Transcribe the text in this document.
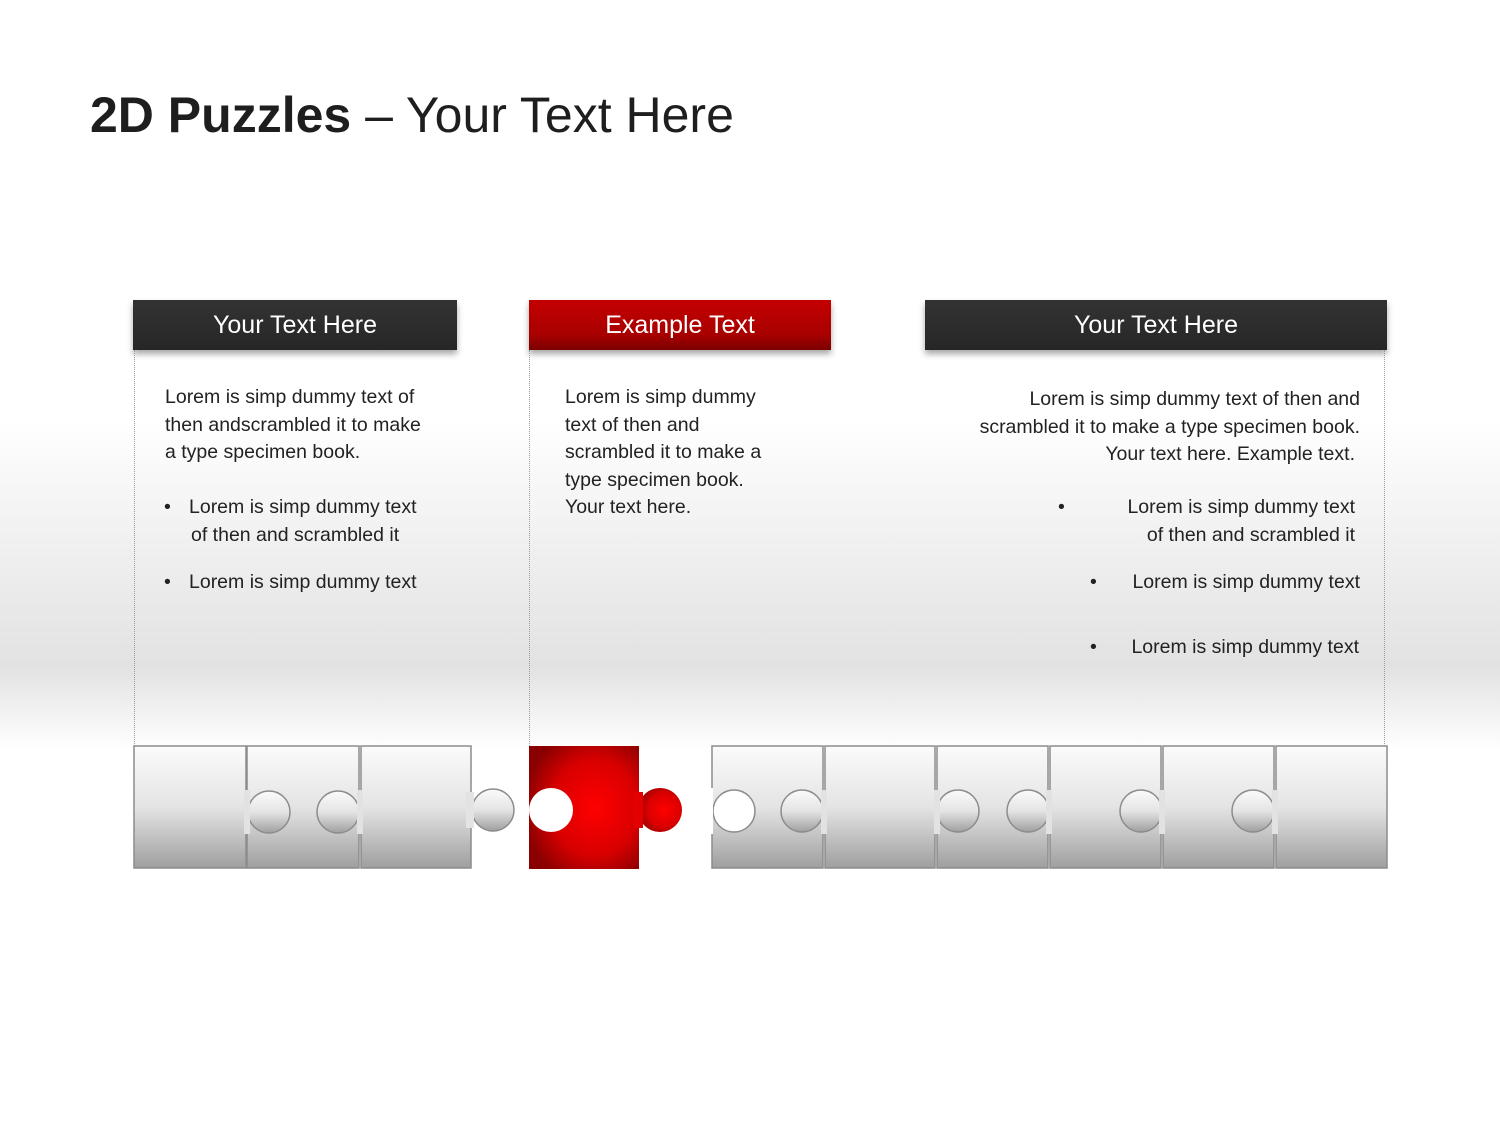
2D Puzzles – Your Text Here
Your Text Here	Example Text	Your Text Here

Lorem is simp dummy text of

then andscrambled it to make

a type specimen book.

• Lorem is simp dummy text
of then and scrambled it
• Lorem is simp dummy text

Lorem is simp dummy

text of then and

scrambled it to make a

type specimen book.

Your text here.

Lorem is simp dummy text of then and

scrambled it to make a type specimen book.

Your text here. Example text.

•	Lorem is simp dummy text
of then and scrambled it
•	Lorem is simp dummy text
•	Lorem is simp dummy text
